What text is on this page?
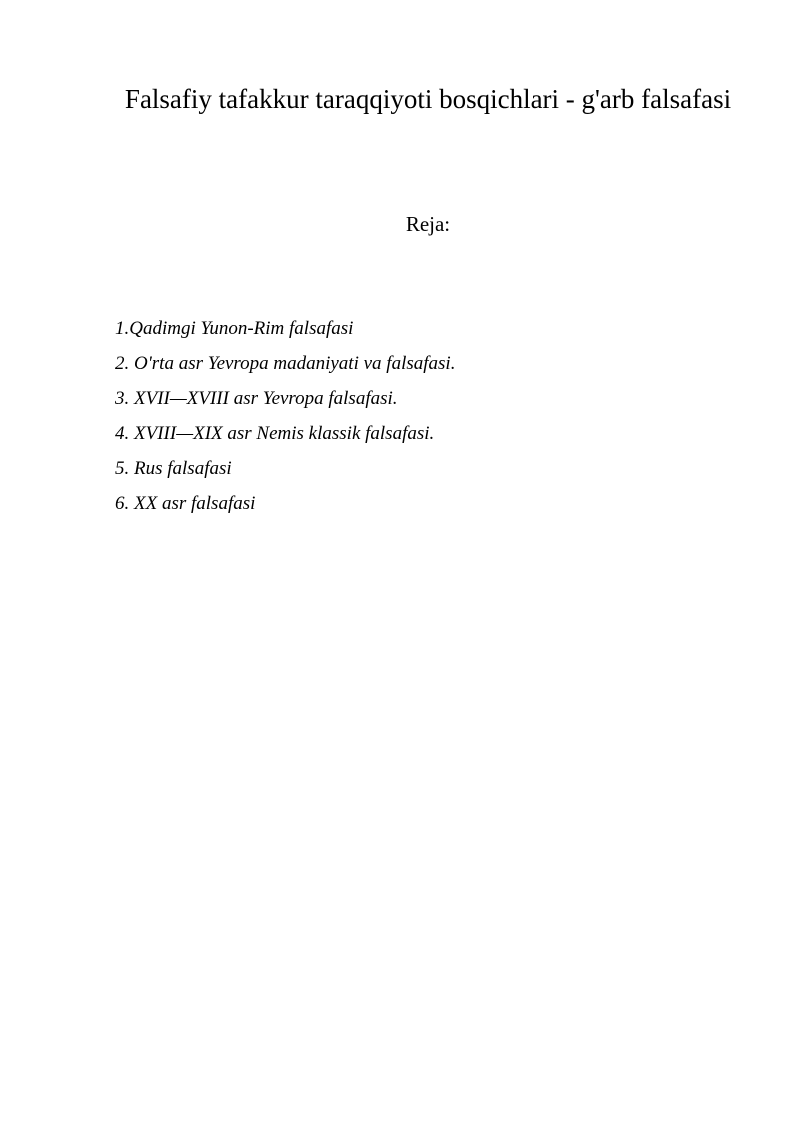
Falsafiy tafakkur taraqqiyoti bosqichlari - g'arb falsafasi
Reja:
1.Qadimgi Yunon-Rim falsafasi
2. O'rta asr Yevropa madaniyati va falsafasi.
3. XVII—XVIII asr Yevropa falsafasi.
4. XVIII—XIX asr Nemis klassik falsafasi.
5. Rus falsafasi
6. XX asr falsafasi
